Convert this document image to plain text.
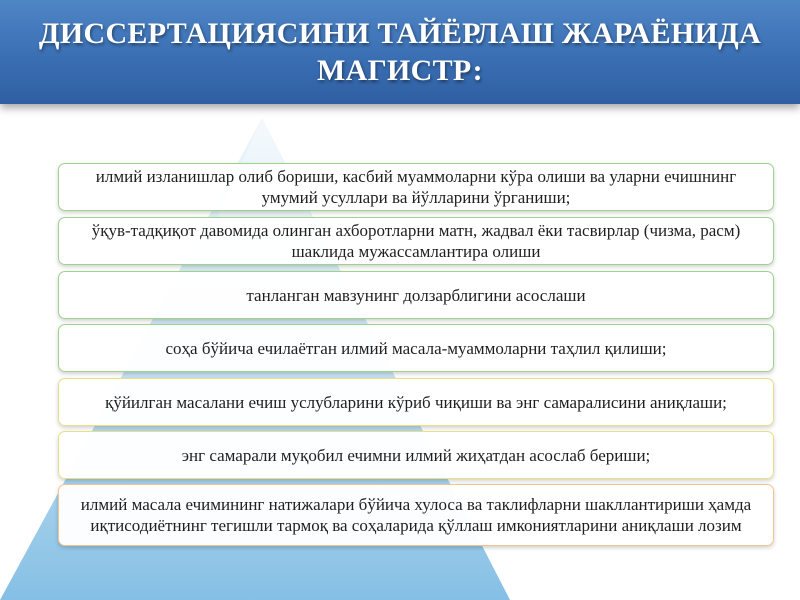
ДИССЕРТАЦИЯСИНИ ТАЙЁРЛАШ ЖАРАЁНИДА МАГИСТР:
илмий изланишлар олиб бориши, касбий муаммоларни кўра олиши ва уларни ечишнинг умумий усуллари ва йўлларини ўрганиши;
ўқув-тадқиқот давомида олинган ахборотларни матн, жадвал ёки тасвирлар (чизма, расм) шаклида мужассамлантира олиши
танланган мавзунинг долзарблигини асослаши
соҳа бўйича ечилаётган илмий масала-муаммоларни таҳлил қилиши;
қўйилган масалани ечиш услубларини кўриб чиқиши ва энг самаралисини аниқлаши;
энг самарали муқобил ечимни илмий жиҳатдан асослаб бериши;
илмий масала ечимининг натижалари бўйича хулоса ва таклифларни шакллантириши ҳамда иқтисодиётнинг тегишли тармоқ ва соҳаларида қўллаш имкониятларини аниқлаши лозим
